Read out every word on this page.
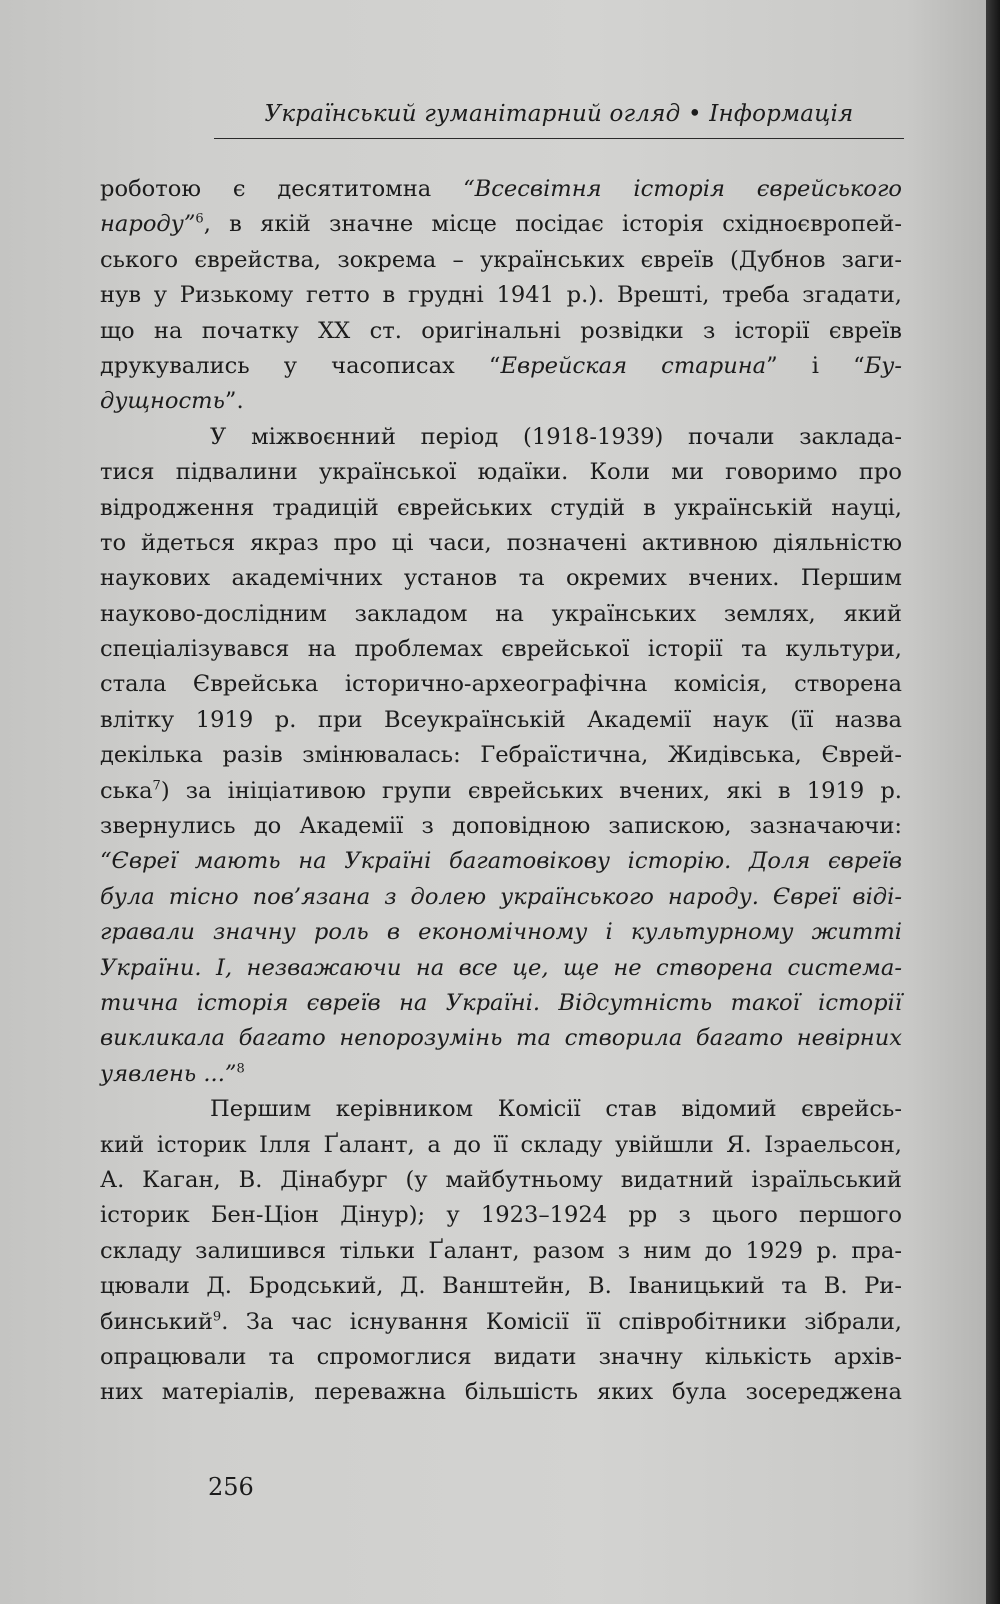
Український гуманітарний огляд • Інформація
роботою є десятитомна “Всесвітня історія єврейського
народу”$^6$, в якій значне місце посідає історія східноєвропей-
ського єврейства, зокрема – українських євреїв (Дубнов заги-
нув у Ризькому гетто в грудні 1941 р.). Врешті, треба згадати,
що на початку XX ст. оригінальні розвідки з історії євреїв
друкувались у часописах “Еврейская старина” і “Бу-
дущность”.
У міжвоєнний період (1918-1939) почали заклада-
тися підвалини української юдаїки. Коли ми говоримо про
відродження традицій єврейських студій в українській науці,
то йдеться якраз про ці часи, позначені активною діяльністю
наукових академічних установ та окремих вчених. Першим
науково-дослідним закладом на українських землях, який
спеціалізувався на проблемах єврейської історії та культури,
стала Єврейська історично-археографічна комісія, створена
влітку 1919 р. при Всеукраїнській Академії наук (її назва
декілька разів змінювалась: Гебраїстична, Жидівська, Єврей-
ська$^7$) за ініціативою групи єврейських вчених, які в 1919 р.
звернулись до Академії з доповідною запискою, зазначаючи:
“Євреї мають на Україні багатовікову історію. Доля євреїв
була тісно пов’язана з долею українського народу. Євреї віді-
гравали значну роль в економічному і культурному житті
України. І, незважаючи на все це, ще не створена система-
тична історія євреїв на Україні. Відсутність такої історії
викликала багато непорозумінь та створила багато невірних
уявлень ...”$^8$
Першим керівником Комісії став відомий єврейсь-
кий історик Ілля Ґалант, а до її складу увійшли Я. Ізраельсон,
А. Каган, В. Дінабург (у майбутньому видатний ізраїльський
історик Бен-Ціон Дінур); у 1923–1924 рр з цього першого
складу залишився тільки Ґалант, разом з ним до 1929 р. пра-
цювали Д. Бродський, Д. Ванштейн, В. Іваницький та В. Ри-
бинський$^9$. За час існування Комісії її співробітники зібрали,
опрацювали та спромоглися видати значну кількість архів-
них матеріалів, переважна більшість яких була зосереджена
256
